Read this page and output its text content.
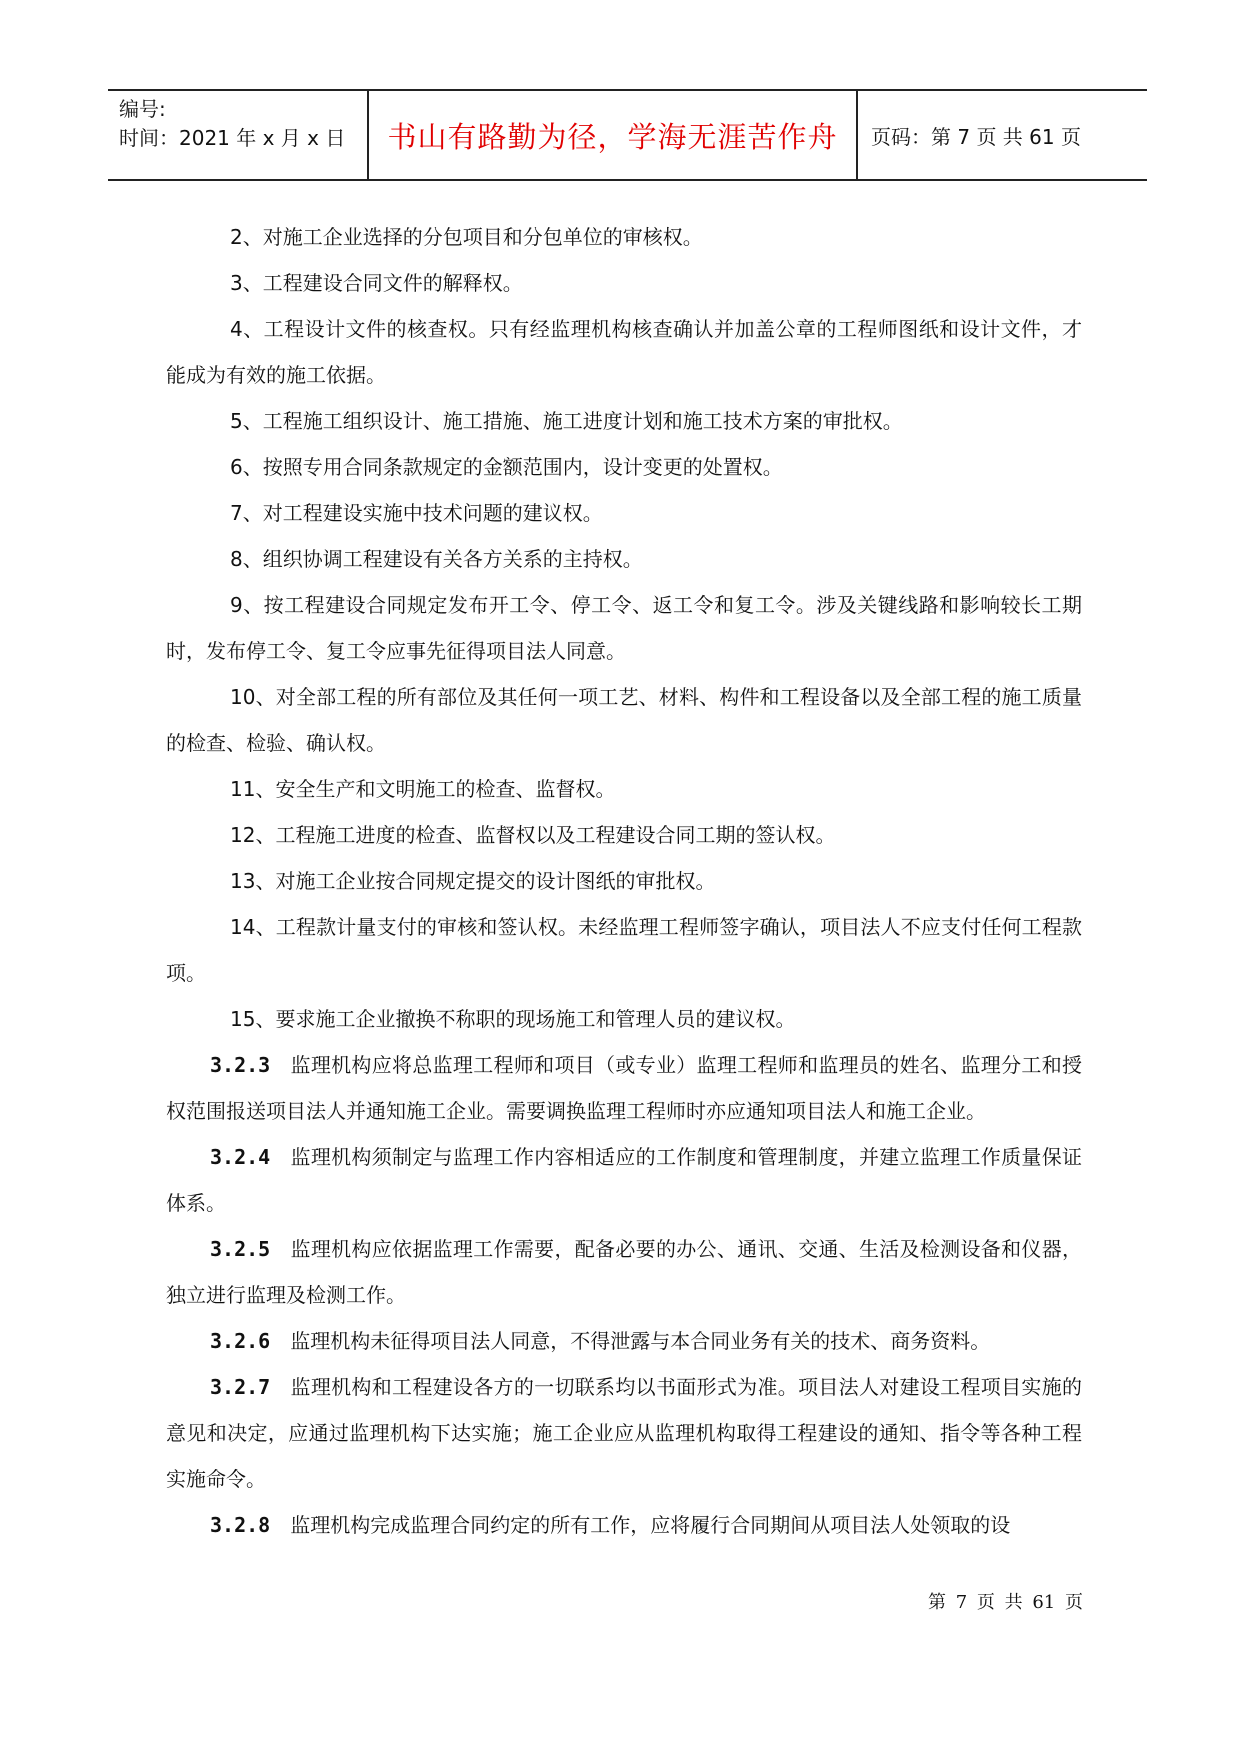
编号:
时间：2021 年 x 月 x 日	书山有路勤为径，学海无涯苦作舟	页码：第 7 页 共 61 页

2、对施工企业选择的分包项目和分包单位的审核权。

3、工程建设合同文件的解释权。

4、工程设计文件的核查权。只有经监理机构核查确认并加盖公章的工程师图纸和设计文件，才能成为有效的施工依据。

5、工程施工组织设计、施工措施、施工进度计划和施工技术方案的审批权。

6、按照专用合同条款规定的金额范围内，设计变更的处置权。

7、对工程建设实施中技术问题的建议权。

8、组织协调工程建设有关各方关系的主持权。

9、按工程建设合同规定发布开工令、停工令、返工令和复工令。涉及关键线路和影响较长工期时，发布停工令、复工令应事先征得项目法人同意。

10、对全部工程的所有部位及其任何一项工艺、材料、构件和工程设备以及全部工程的施工质量的检查、检验、确认权。

11、安全生产和文明施工的检查、监督权。

12、工程施工进度的检查、监督权以及工程建设合同工期的签认权。

13、对施工企业按合同规定提交的设计图纸的审批权。

14、工程款计量支付的审核和签认权。未经监理工程师签字确认，项目法人不应支付任何工程款项。

15、要求施工企业撤换不称职的现场施工和管理人员的建议权。

3.2.3 监理机构应将总监理工程师和项目（或专业）监理工程师和监理员的姓名、监理分工和授权范围报送项目法人并通知施工企业。需要调换监理工程师时亦应通知项目法人和施工企业。

3.2.4 监理机构须制定与监理工作内容相适应的工作制度和管理制度，并建立监理工作质量保证体系。

3.2.5 监理机构应依据监理工作需要，配备必要的办公、通讯、交通、生活及检测设备和仪器，独立进行监理及检测工作。

3.2.6 监理机构未征得项目法人同意，不得泄露与本合同业务有关的技术、商务资料。

3.2.7 监理机构和工程建设各方的一切联系均以书面形式为准。项目法人对建设工程项目实施的意见和决定，应通过监理机构下达实施；施工企业应从监理机构取得工程建设的通知、指令等各种工程实施命令。

3.2.8 监理机构完成监理合同约定的所有工作，应将履行合同期间从项目法人处领取的设

第 7 页 共 61 页
